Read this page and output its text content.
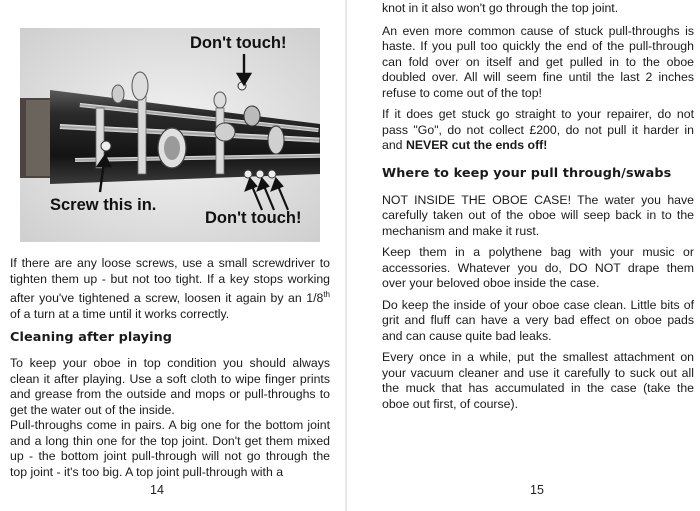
Don't touch!
Screw this in.
Don't touch!

If there are any loose screws, use a small screwdriver to tighten them up - but not too tight. If a key stops working after you've tightened a screw, loosen it again by an 1/8th of a turn at a time until it works correctly.

Cleaning after playing

To keep your oboe in top condition you should always clean it after playing. Use a soft cloth to wipe finger prints and grease from the outside and mops or pull-throughs to get the water out of the inside.

Pull-throughs come in pairs. A big one for the bottom joint and a long thin one for the top joint. Don't get them mixed up - the bottom joint pull-through will not go through the top joint - it's too big. A top joint pull-through with a

14

knot in it also won't go through the top joint.

An even more common cause of stuck pull-throughs is haste. If you pull too quickly the end of the pull-through can fold over on itself and get pulled in to the oboe doubled over. All will seem fine until the last 2 inches refuse to come out of the top!

If it does get stuck go straight to your repairer, do not pass "Go", do not collect £200, do not pull it harder in and NEVER cut the ends off!

Where to keep your pull through/swabs

NOT INSIDE THE OBOE CASE! The water you have carefully taken out of the oboe will seep back in to the mechanism and make it rust.

Keep them in a polythene bag with your music or accessories. Whatever you do, DO NOT drape them over your beloved oboe inside the case.

Do keep the inside of your oboe case clean. Little bits of grit and fluff can have a very bad effect on oboe pads and can cause quite bad leaks.

Every once in a while, put the smallest attachment on your vacuum cleaner and use it carefully to suck out all the muck that has accumulated in the case (take the oboe out first, of course).

15
